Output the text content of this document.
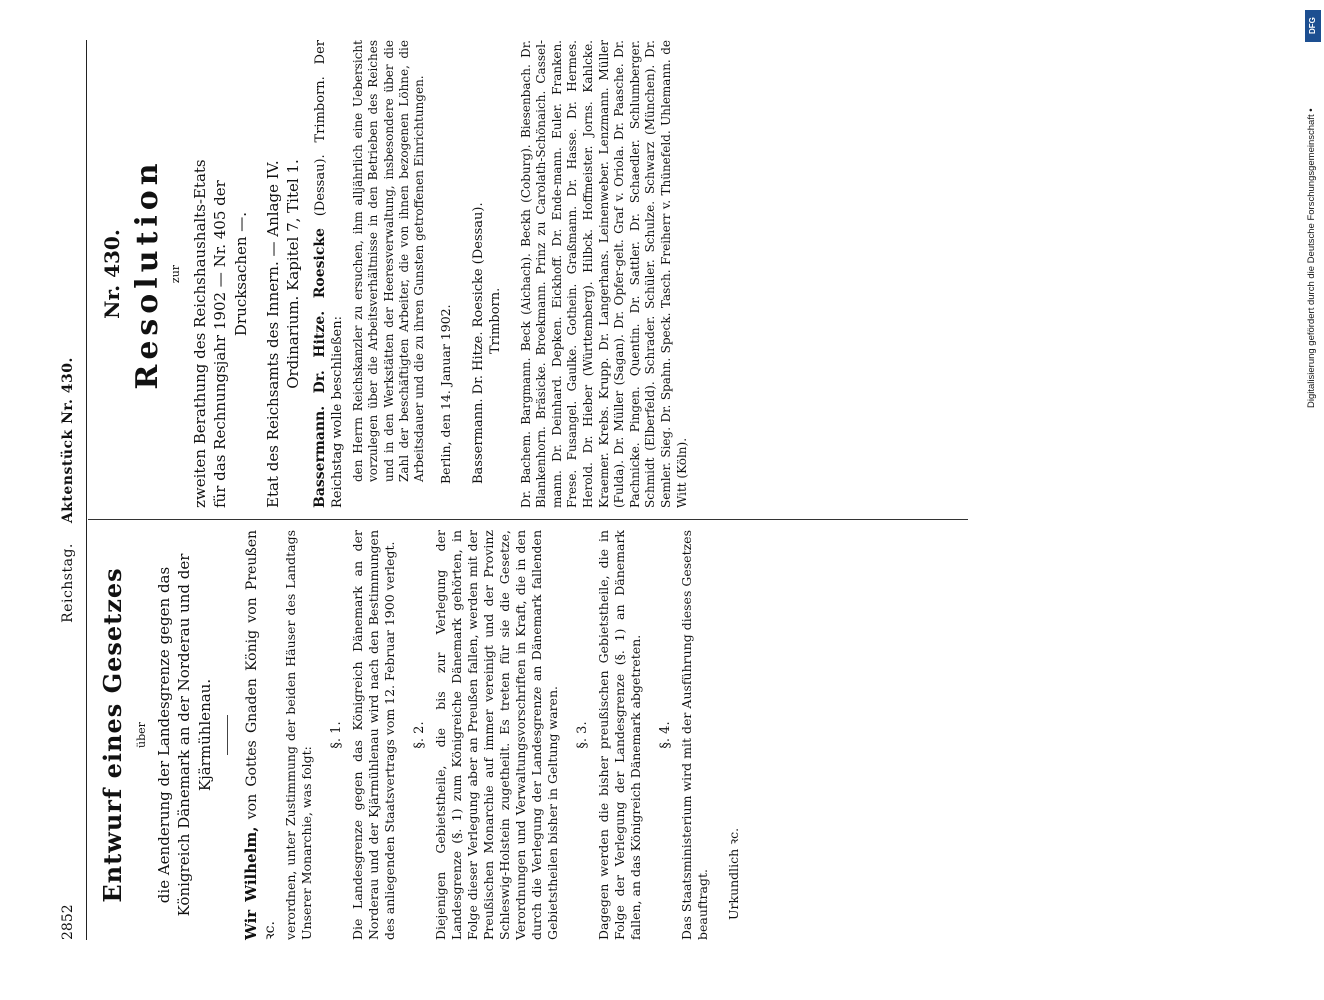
2852
Reichstag.Aktenstück Nr. 430.
Entwurf eines Gesetzes über die Aenderung der Landesgrenze gegen das Königreich Dänemark an der Norderau und der Kjärmühlenau.

Wir Wilhelm, von Gottes Gnaden König von Preußen ꝛc. verordnen, unter Zustimmung der beiden Häuser des Landtags Unserer Monarchie, was folgt:

§. 1. Die Landesgrenze gegen das Königreich Dänemark an der Norderau und der Kjärmühlenau wird nach den Bestimmungen des anliegenden Staatsvertrags vom 12. Februar 1900 verlegt. §. 2. Diejenigen Gebietstheile, die bis zur Verlegung der Landesgrenze (§. 1) zum Königreiche Dänemark gehörten, in Folge dieser Verlegung aber an Preußen fallen, werden mit der Preußischen Monarchie auf immer vereinigt und der Provinz Schleswig-Holstein zugetheilt. Es treten für sie die Gesetze, Verordnungen und Verwaltungsvorschriften in Kraft, die in den durch die Verlegung der Landesgrenze an Dänemark fallenden Gebietstheilen bisher in Geltung waren. §. 3. Dagegen werden die bisher preußischen Gebietstheile, die in Folge der Verlegung der Landesgrenze (§. 1) an Dänemark fallen, an das Königreich Dänemark abgetreten. §. 4. Das Staatsministerium wird mit der Ausführung dieses Gesetzes beauftragt. Urkundlich ꝛc.
Nr. 430. Resolution zur zweiten Berathung des Reichshaushalts-Etats für das Rechnungsjahr 1902 — Nr. 405 der Drucksachen —. Etat des Reichsamts des Innern. — Anlage IV. Ordinarium. Kapitel 7, Titel 1. Bassermann. Dr. Hitze. Roesicke (Dessau). Trimborn. Der Reichstag wolle beschließen: den Herrn Reichskanzler zu ersuchen, ihm alljährlich eine Uebersicht vorzulegen über die Arbeitsverhältnisse in den Betrieben des Reiches und in den Werkstätten der Heeresverwaltung, insbesondere über die Zahl der beschäftigten Arbeiter, die von ihnen bezogenen Löhne, die Arbeitsdauer und die zu ihren Gunsten getroffenen Einrichtungen. Berlin, den 14. Januar 1902. Bassermann. Dr. Hitze. Roesicke (Dessau). Trimborn. Dr. Bachem. Bargmann. Beck (Aichach). Beckh (Coburg). Biesenbach. Dr. Blankenhorn. Bräsicke. Broekmann. Prinz zu Carolath-Schönaich. Cassel-mann. Dr. Deinhard. Depken. Eickhoff. Dr. Ende-mann. Euler. Franken. Frese. Fusangel. Gaulke. Gothein. Graßmann. Dr. Hasse. Dr. Hermes. Herold. Dr. Hieber (Württemberg). Hilbck. Hoffmeister. Jorns. Kahlcke. Kraemer. Krebs. Krupp. Dr. Langerhans. Leinenweber. Lenzmann. Müller (Fulda). Dr. Müller (Sagan). Dr. Opfer-gelt. Graf v. Oriola. Dr. Paasche. Dr. Pachnicke. Pingen. Quentin. Dr. Sattler. Dr. Schaedler. Schlumberger. Schmidt (Elberfeld). Schrader. Schüler. Schulze. Schwarz (München). Dr. Semler. Sieg. Dr. Spahn. Speck. Tasch. Freiherr v. Thünefeld. Uhlemann. de Witt (Köln).

DFG
Digitalisierung gefördert durch die Deutsche Forschungsgemeinschaft •
